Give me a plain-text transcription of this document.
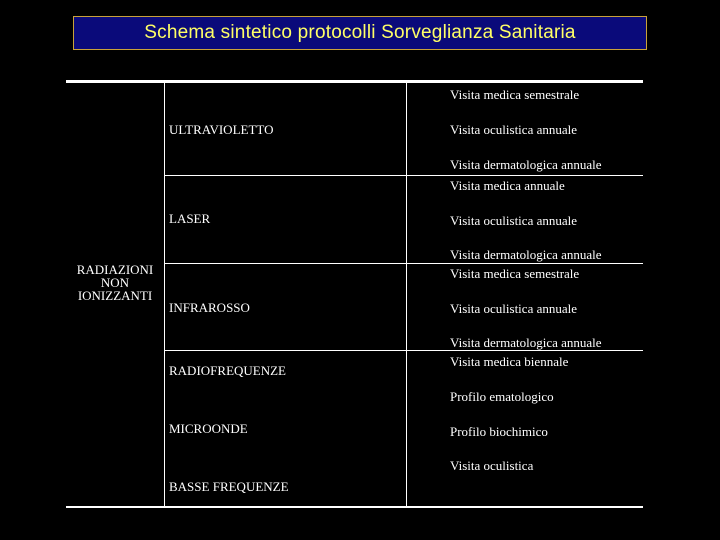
Schema sintetico protocolli Sorveglianza Sanitaria
RADIAZIONI
NON
IONIZZANTI
ULTRAVIOLETTO
LASER
INFRAROSSO
RADIOFREQUENZE
MICROONDE
BASSE FREQUENZE
Visita medica semestrale
Visita oculistica annuale
Visita dermatologica annuale
Visita medica annuale
Visita oculistica annuale
Visita dermatologica annuale
Visita medica semestrale
Visita oculistica annuale
Visita dermatologica annuale
Visita medica biennale
Profilo ematologico
Profilo biochimico
Visita oculistica
